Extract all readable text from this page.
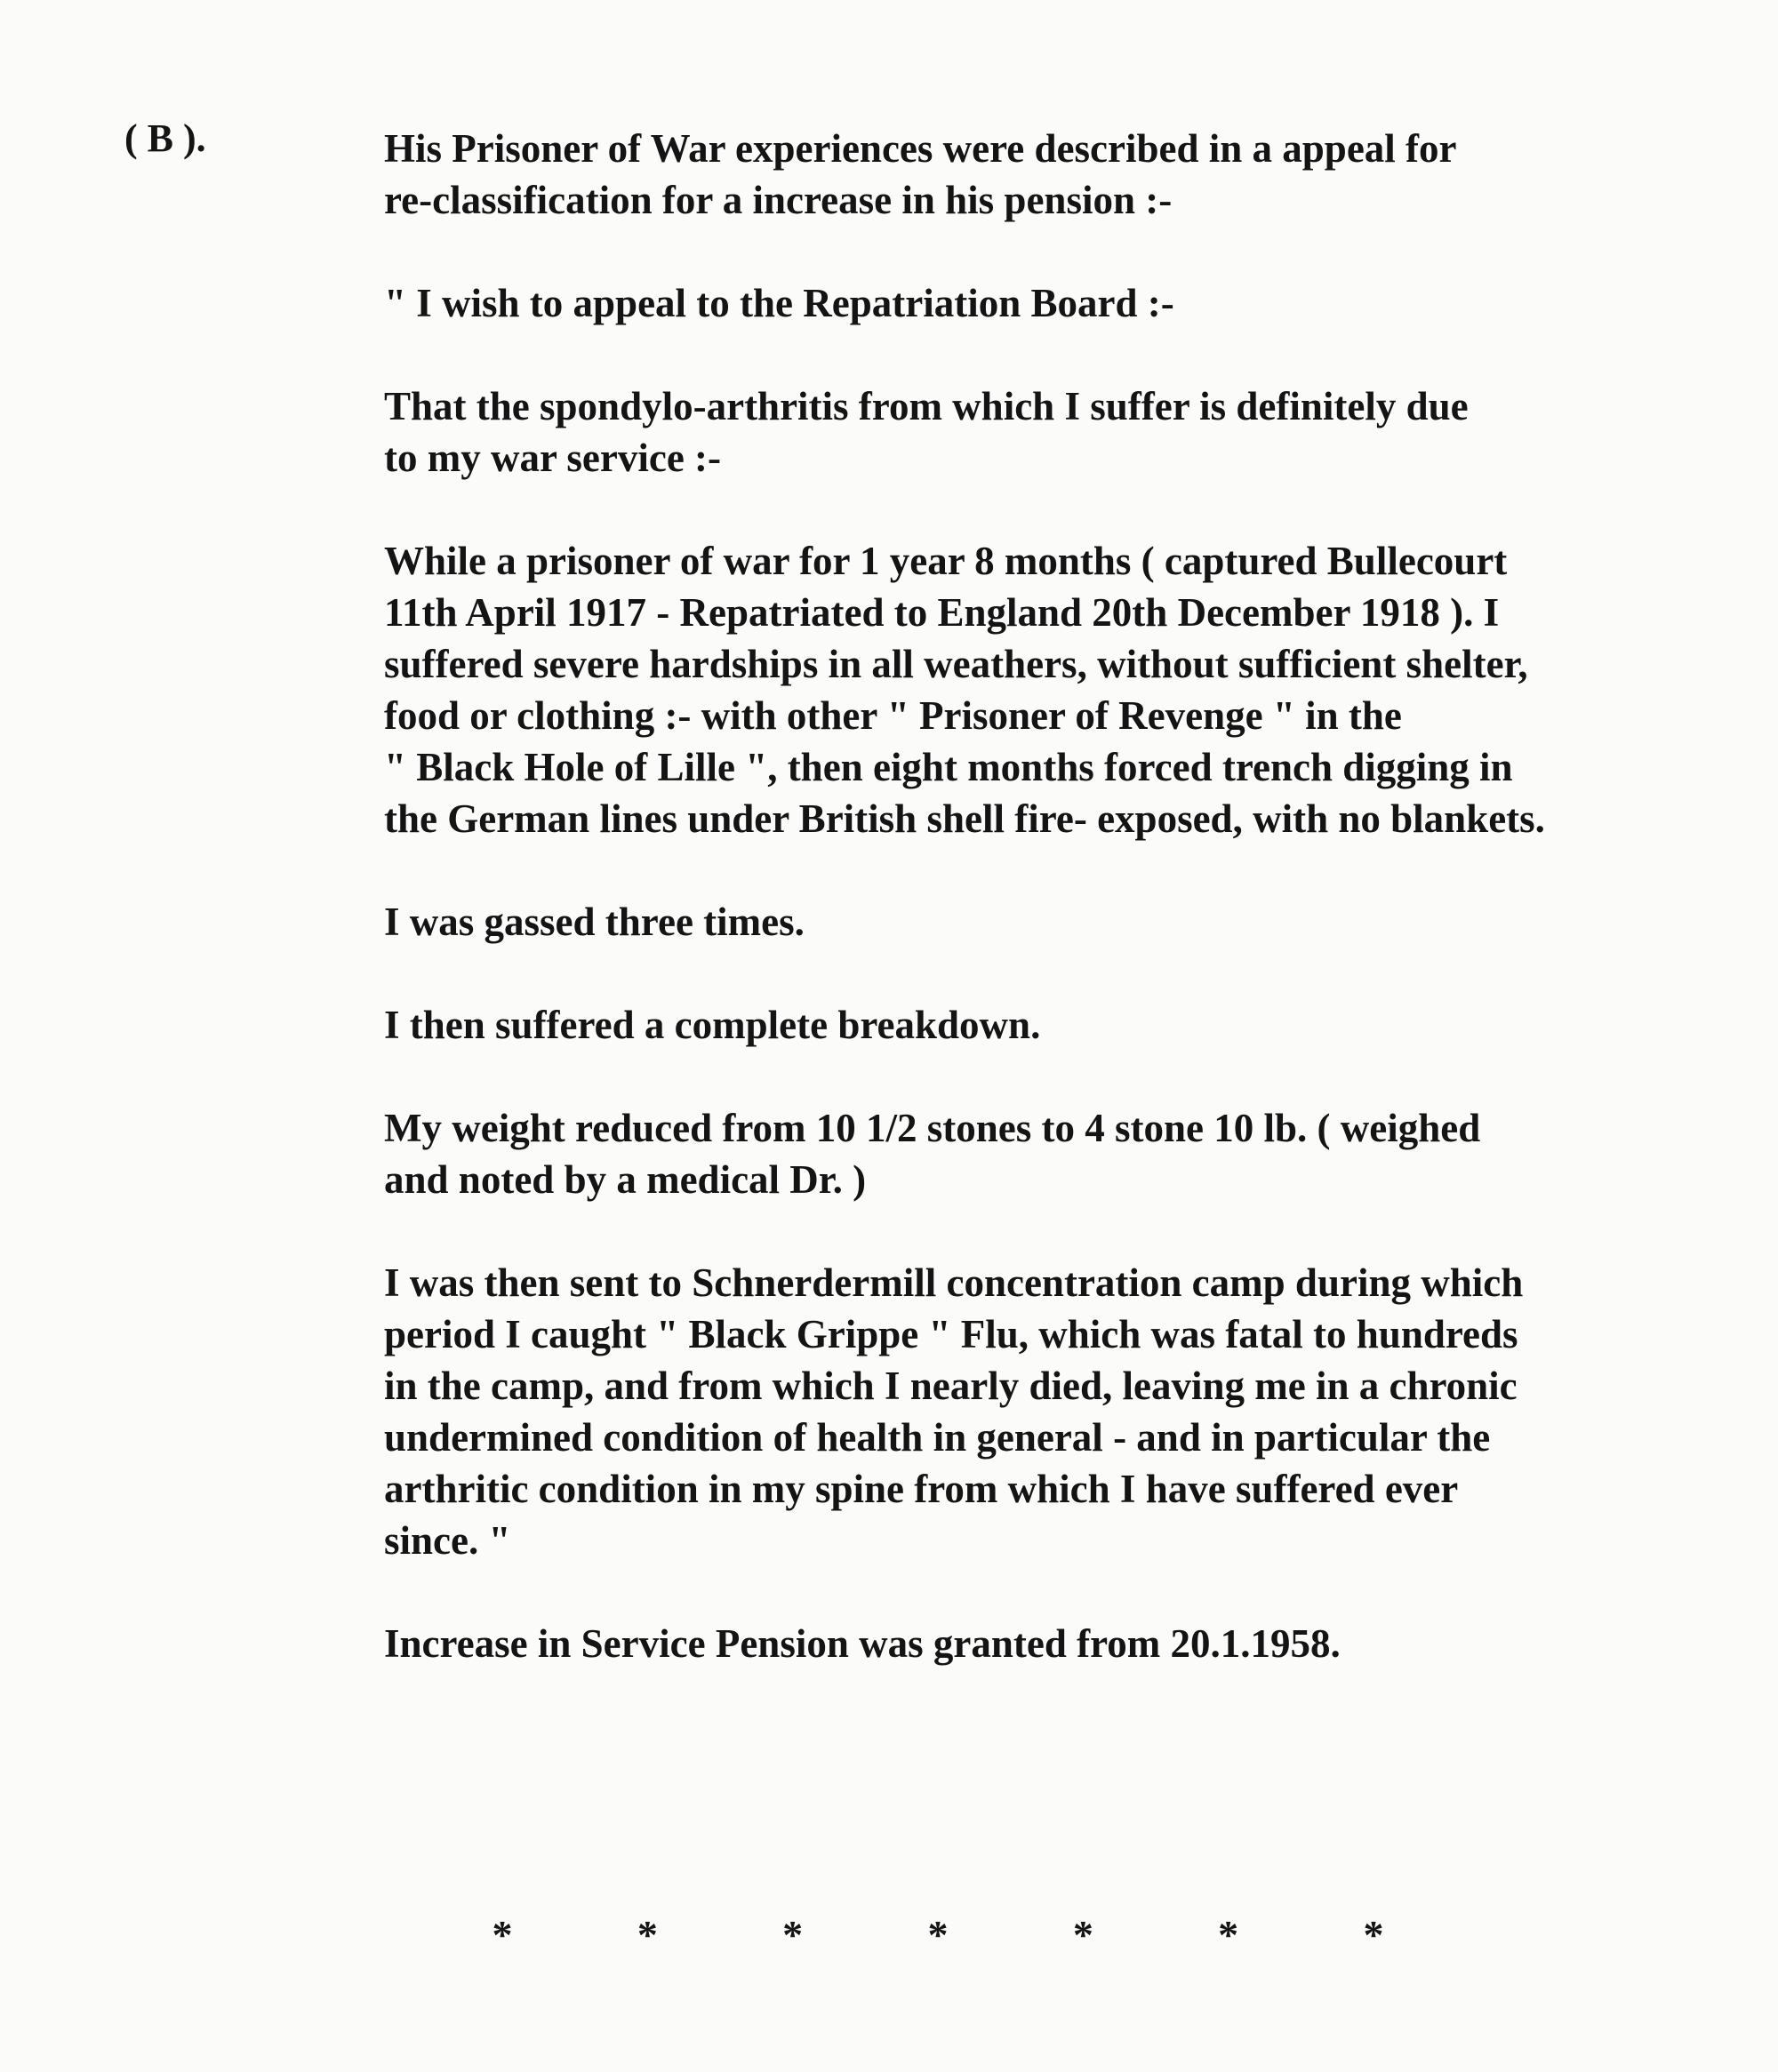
( B ).	His Prisoner of War experiences were described in a appeal for
re-classification for a increase in his pension :-
" I wish to appeal to the Repatriation Board :-
That the spondylo-arthritis from which I suffer is definitely due
to my war service :-
While a prisoner of war for 1 year 8 months ( captured Bullecourt
11th April 1917 - Repatriated to England 20th December 1918 ). I
suffered severe hardships in all weathers, without sufficient shelter,
food or clothing :- with other " Prisoner of Revenge " in the
" Black Hole of Lille ", then eight months forced trench digging in
the German lines under British shell fire- exposed, with no blankets.
I was gassed three times.
I then suffered a complete breakdown.
My weight reduced from 10 1/2 stones to 4 stone 10 lb. ( weighed
and noted by a medical Dr. )
I was then sent to Schnerdermill concentration camp during which
period I caught " Black Grippe " Flu, which was fatal to hundreds
in the camp, and from which I nearly died, leaving me in a chronic
undermined condition of health in general - and in particular the
arthritic condition in my spine from which I have suffered ever
since. "
Increase in Service Pension was granted from 20.1.1958.
*	*	*	*	*	*	*
